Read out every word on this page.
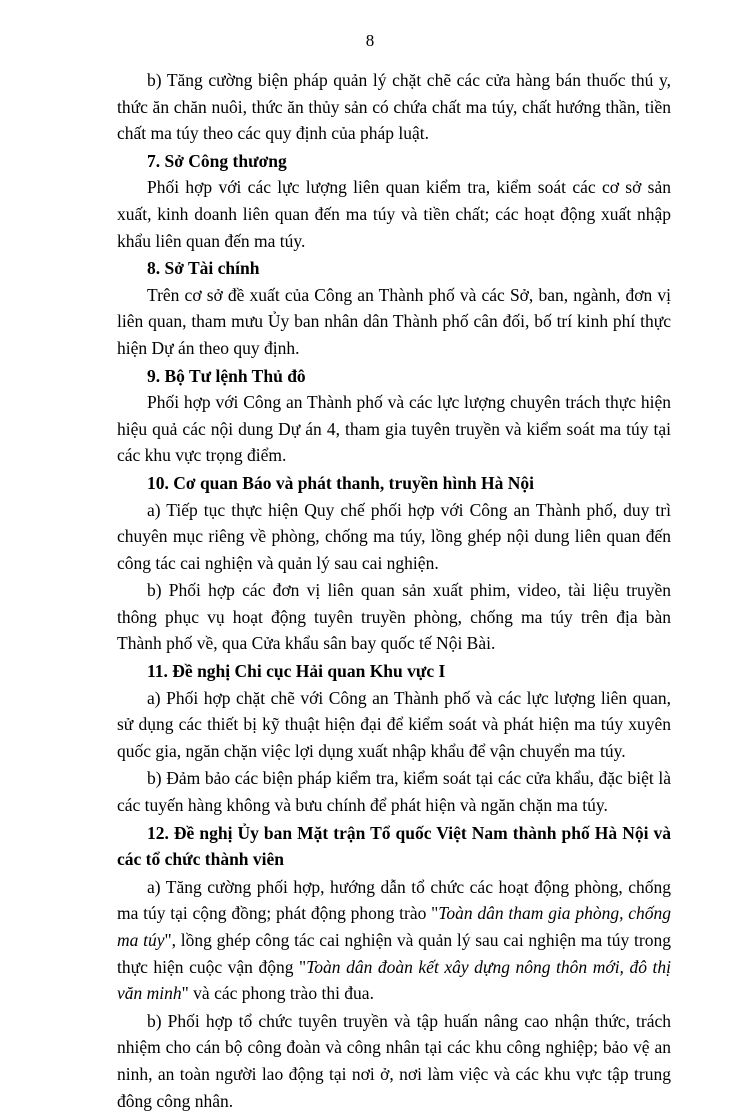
8

b) Tăng cường biện pháp quản lý chặt chẽ các cửa hàng bán thuốc thú y, thức ăn chăn nuôi, thức ăn thủy sản có chứa chất ma túy, chất hướng thần, tiền chất ma túy theo các quy định của pháp luật.

7. Sở Công thương

Phối hợp với các lực lượng liên quan kiểm tra, kiểm soát các cơ sở sản xuất, kinh doanh liên quan đến ma túy và tiền chất; các hoạt động xuất nhập khẩu liên quan đến ma túy.

8. Sở Tài chính

Trên cơ sở đề xuất của Công an Thành phố và các Sở, ban, ngành, đơn vị liên quan, tham mưu Ủy ban nhân dân Thành phố cân đối, bố trí kinh phí thực hiện Dự án theo quy định.

9. Bộ Tư lệnh Thủ đô

Phối hợp với Công an Thành phố và các lực lượng chuyên trách thực hiện hiệu quả các nội dung Dự án 4, tham gia tuyên truyền và kiểm soát ma túy tại các khu vực trọng điểm.

10. Cơ quan Báo và phát thanh, truyền hình Hà Nội

a) Tiếp tục thực hiện Quy chế phối hợp với Công an Thành phố, duy trì chuyên mục riêng về phòng, chống ma túy, lồng ghép nội dung liên quan đến công tác cai nghiện và quản lý sau cai nghiện.

b) Phối hợp các đơn vị liên quan sản xuất phim, video, tài liệu truyền thông phục vụ hoạt động tuyên truyền phòng, chống ma túy trên địa bàn Thành phố về, qua Cửa khẩu sân bay quốc tế Nội Bài.

11. Đề nghị Chi cục Hải quan Khu vực I

a) Phối hợp chặt chẽ với Công an Thành phố và các lực lượng liên quan, sử dụng các thiết bị kỹ thuật hiện đại để kiểm soát và phát hiện ma túy xuyên quốc gia, ngăn chặn việc lợi dụng xuất nhập khẩu để vận chuyển ma túy.

b) Đảm bảo các biện pháp kiểm tra, kiểm soát tại các cửa khẩu, đặc biệt là các tuyến hàng không và bưu chính để phát hiện và ngăn chặn ma túy.

12. Đề nghị Ủy ban Mặt trận Tổ quốc Việt Nam thành phố Hà Nội và các tổ chức thành viên

a) Tăng cường phối hợp, hướng dẫn tổ chức các hoạt động phòng, chống ma túy tại cộng đồng; phát động phong trào "Toàn dân tham gia phòng, chống ma túy", lồng ghép công tác cai nghiện và quản lý sau cai nghiện ma túy trong thực hiện cuộc vận động "Toàn dân đoàn kết xây dựng nông thôn mới, đô thị văn minh" và các phong trào thi đua.

b) Phối hợp tổ chức tuyên truyền và tập huấn nâng cao nhận thức, trách nhiệm cho cán bộ công đoàn và công nhân tại các khu công nghiệp; bảo vệ an ninh, an toàn người lao động tại nơi ở, nơi làm việc và các khu vực tập trung đông công nhân.
